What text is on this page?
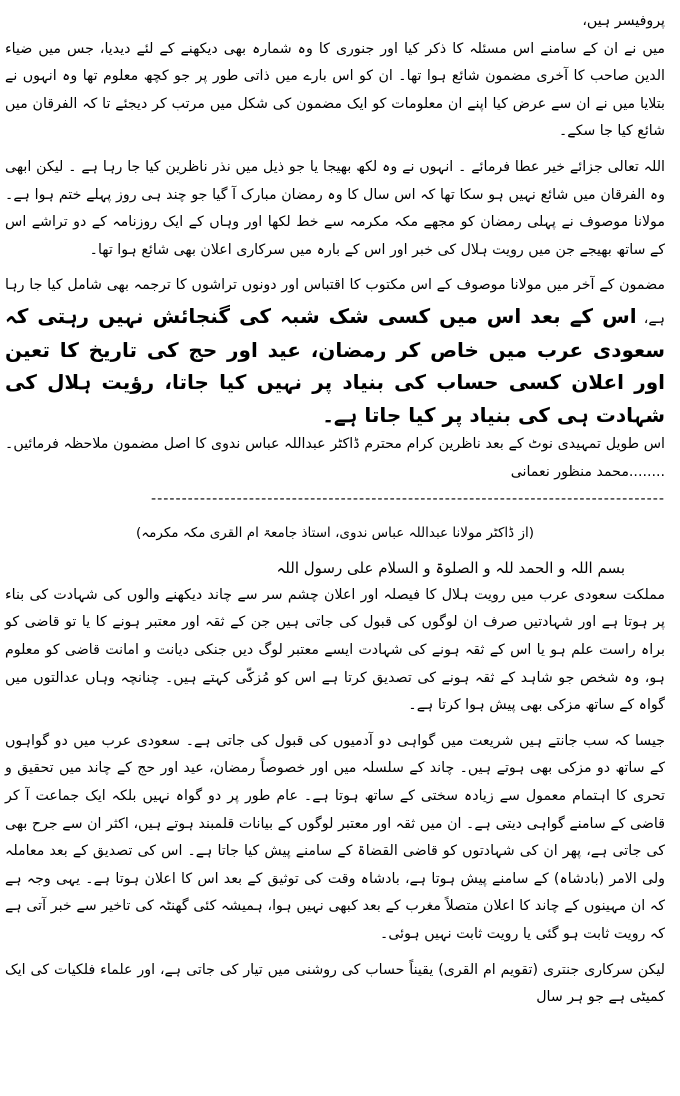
پروفیسر ہیں،

میں نے ان کے سامنے اس مسئلہ کا ذکر کیا اور جنوری کا وہ شمارہ بھی دیکھنے کے لئے دیدیا، جس میں ضیاء الدین صاحب کا آخری مضمون شائع ہوا تھا۔ ان کو اس بارے میں ذاتی طور پر جو کچھ معلوم تھا وہ انہوں نے بتلایا میں نے ان سے عرض کیا اپنے ان معلومات کو ایک مضمون کی شکل میں مرتب کر دیجئے تا کہ الفرقان میں شائع کیا جا سکے۔

اللہ تعالی جزائے خیر عطا فرمائے ۔ انہوں نے وہ لکھ بھیجا یا جو ذیل میں نذر ناظرین کیا جا رہا ہے ۔ لیکن ابھی وہ الفرقان میں شائع نہیں ہو سکا تھا کہ اس سال کا وہ رمضان مبارک آ گیا جو چند ہی روز پہلے ختم ہوا ہے۔ مولانا موصوف نے پہلی رمضان کو مجھے مکہ مکرمہ سے خط لکھا اور وہاں کے ایک روزنامہ کے دو تراشے اس کے ساتھ بھیجے جن میں رویت ہلال کی خبر اور اس کے بارہ میں سرکاری اعلان بھی شائع ہوا تھا۔

مضمون کے آخر میں مولانا موصوف کے اس مکتوب کا اقتباس اور دونوں تراشوں کا ترجمہ بھی شامل کیا جا رہا ہے، اس کے بعد اس میں کسی شک شبہ کی گنجائش نہیں رہتی کہ سعودی عرب میں خاص کر رمضان، عید اور حج کی تاریخ کا تعین اور اعلان کسی حساب کی بنیاد پر نہیں کیا جاتا، رؤیت ہلال کی شہادت ہی کی بنیاد پر کیا جاتا ہے۔

اس طویل تمہیدی نوٹ کے بعد ناظرین کرام محترم ڈاکٹر عبداللہ عباس ندوی کا اصل مضمون ملاحظہ فرمائیں۔ ........محمد منظور نعمانی

------------------------------------------------------------------------------------

(از ڈاکٹر مولانا عبداللہ عباس ندوی، استاذ جامعۃ ام القری مکہ مکرمہ)

بسم اللہ و الحمد للہ و الصلوۃ و السلام علی رسول اللہ

مملکت سعودی عرب میں رویت ہلال کا فیصلہ اور اعلان چشم سر سے چاند دیکھنے والوں کی شہادت کی بناء پر ہوتا ہے اور شہادتیں صرف ان لوگوں کی قبول کی جاتی ہیں جن کے ثقہ اور معتبر ہونے کا یا تو قاضی کو براہ راست علم ہو یا اس کے ثقہ ہونے کی شہادت ایسے معتبر لوگ دیں جنکی دیانت و امانت قاضی کو معلوم ہو، وہ شخص جو شاہد کے ثقہ ہونے کی تصدیق کرتا ہے اس کو مُزکّی کہتے ہیں۔ چنانچہ وہاں عدالتوں میں گواہ کے ساتھ مزکی بھی پیش ہوا کرتا ہے۔

جیسا کہ سب جانتے ہیں شریعت میں گواہی دو آدمیوں کی قبول کی جاتی ہے۔ سعودی عرب میں دو گواہوں کے ساتھ دو مزکی بھی ہوتے ہیں۔ چاند کے سلسلہ میں اور خصوصاً رمضان، عید اور حج کے چاند میں تحقیق و تحری کا اہتمام معمول سے زیادہ سختی کے ساتھ ہوتا ہے۔ عام طور پر دو گواہ نہیں بلکہ ایک جماعت آ کر قاضی کے سامنے گواہی دیتی ہے۔ ان میں ثقہ اور معتبر لوگوں کے بیانات قلمبند ہوتے ہیں، اکثر ان سے جرح بھی کی جاتی ہے، پھر ان کی شہادتوں کو قاضی القضاۃ کے سامنے پیش کیا جاتا ہے۔ اس کی تصدیق کے بعد معاملہ ولی الامر (بادشاہ) کے سامنے پیش ہوتا ہے، بادشاہ وقت کی توثیق کے بعد اس کا اعلان ہوتا ہے۔ یہی وجہ ہے کہ ان مہینوں کے چاند کا اعلان متصلاً مغرب کے بعد کبھی نہیں ہوا، ہمیشہ کئی گھنٹہ کی تاخیر سے خبر آتی ہے کہ رویت ثابت ہو گئی یا رویت ثابت نہیں ہوئی۔

لیکن سرکاری جنتری (تقویم ام القری) یقیناً حساب کی روشنی میں تیار کی جاتی ہے، اور علماء فلکیات کی ایک کمیٹی ہے جو ہر سال
